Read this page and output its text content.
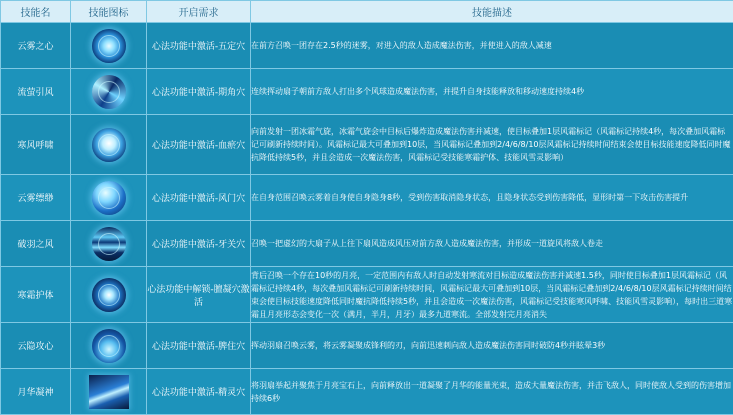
技能名	技能图标	开启需求	技能描述
云雾之心		心法功能中激活-五定穴	在前方召唤一团存在2.5秒的迷雾，对进入的敌人造成魔法伤害，并使进入的敌人减速
流萤引风		心法功能中激活-期角穴	连续挥动扇子朝前方敌人打出多个风球造成魔法伤害，并提升自身技能释放和移动速度持续4秒
寒风呼啸		心法功能中激活-血瘀穴	向前发射一团冰霜气旋，冰霜气旋会中目标后爆炸造成魔法伤害并减速，使目标叠加1层风霜标记（风霜标记持续4秒，每次叠加风霜标记可刷新持续时间）。风霜标记最大可叠加到10层，当风霜标记叠加到2/4/6/8/10层风霜标记持续时间结束会使目标技能速度降低同时魔抗降低持续5秒，并且会造成一次魔法伤害，风霜标记受技能寒霜护体、技能风雪灵影响）
云雾缥缈		心法功能中激活-风门穴	在自身范围召唤云雾着自身使自身隐身8秒，受到伤害取消隐身状态，且隐身状态受到伤害降低，显形时第一下攻击伤害提升
破羽之风		心法功能中激活-牙关穴	召唤一把虚幻的大扇子从上往下扇风造成风压对前方敌人造成魔法伤害，并形成一道旋风将敌人卷走
寒霜护体		心法功能中解锁-膻凝穴激活	背后召唤一个存在10秒的月亮，一定范围内有敌人时自动发射寒流对目标造成魔法伤害并减速1.5秒，同时使目标叠加1层风霜标记（风霜标记持续4秒，每次叠加风霜标记可刷新持续时间，风霜标记最大可叠加到10层，当风霜标记叠加到2/4/6/8/10层风霜标记持续时间结束会使目标技能速度降低同时魔抗降低持续5秒，并且会造成一次魔法伤害，风霜标记受技能寒风呼啸、技能风雪灵影响），每时出三道寒霜且月亮形态会变化一次（满月，半月，月牙）最多九道寒流。全部发射完月亮消失
云隐攻心		心法功能中激活-脾住穴	挥动羽扇召唤云雾，将云雾凝聚成锋利的刃，向前迅速刺向敌人造成魔法伤害同时破防4秒并眩晕3秒
月华凝神		心法功能中激活-精灵穴	将羽扇举起并聚焦于月亮宝石上，向前释放出一道凝聚了月华的能量光束，造成大量魔法伤害，并击飞敌人，同时使敌人受到的伤害增加持续6秒
